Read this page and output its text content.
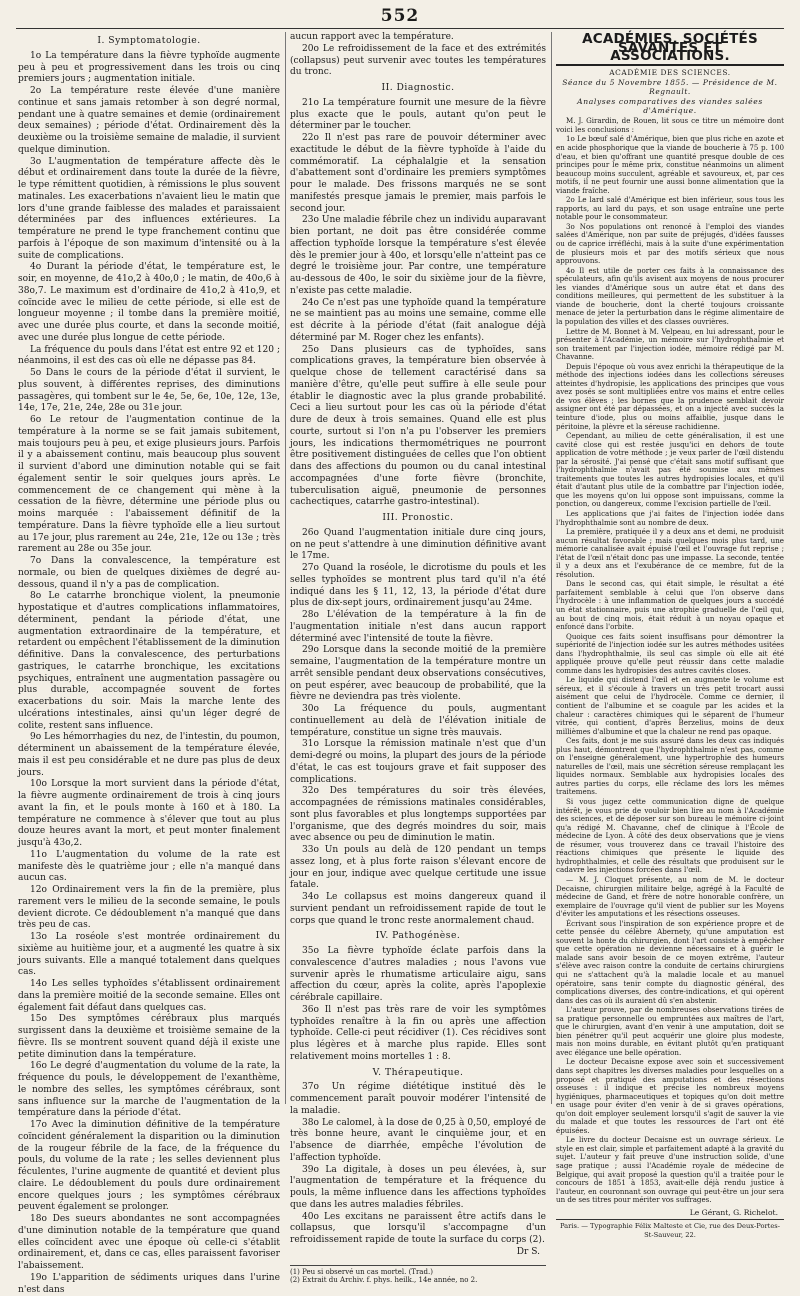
552
I. Symptomatologie.

1o La température dans la fièvre typhoïde augmente peu à peu et progressivement dans les trois ou cinq premiers jours ; augmentation initiale.

2o La température reste élevée d'une manière continue et sans jamais retomber à son degré normal, pendant une à quatre semaines et demie (ordinairement deux semaines) ; période d'état. Ordinairement dès la deuxième ou la troisième semaine de maladie, il survient quelque diminution.

3o L'augmentation de température affecte dès le début et ordinairement dans toute la durée de la fièvre, le type rémittent quotidien, à rémissions le plus souvent matinales. Les exacerbations n'avaient lieu le matin que lors d'une grande faiblesse des malades et paraissaient déterminées par des influences extérieures. La température ne prend le type franchement continu que parfois à l'époque de son maximum d'intensité ou à la suite de complications.

4o Durant la période d'état, le température est, le soir, en moyenne, de 41o,2 à 40o,0 ; le matin, de 40o,6 à 38o,7. Le maximum est d'ordinaire de 41o,2 à 41o,9, et coïncide avec le milieu de cette période, si elle est de longueur moyenne ; il tombe dans la première moitié, avec une durée plus courte, et dans la seconde moitié, avec une durée plus longue de cette période.

La fréquence du pouls dans l'état est entre 92 et 120 ; néanmoins, il est des cas où elle ne dépasse pas 84.

5o Dans le cours de la période d'état il survient, le plus souvent, à différentes reprises, des diminutions passagères, qui tombent sur le 4e, 5e, 6e, 10e, 12e, 13e, 14e, 17e, 21e, 24e, 28e ou 31e jour.

6o Le retour de l'augmentation continue de la température à la norme se se fait jamais subitement, mais toujours peu à peu, et exige plusieurs jours. Parfois il y a abaissement continu, mais beaucoup plus souvent il survient d'abord une diminution notable qui se fait également sentir le soir quelques jours après. Le commencement de ce changement qui mène à la cessation de la fièvre, détermine une période plus ou moins marquée : l'abaissement définitif de la température. Dans la fièvre typhoïde elle a lieu surtout au 17e jour, plus rarement au 24e, 21e, 12e ou 13e ; très rarement au 28e ou 35e jour.

7o Dans la convalescence, la température est normale, ou bien de quelques dixièmes de degré au-dessous, quand il n'y a pas de complication.

8o Le catarrhe bronchique violent, la pneumonie hypostatique et d'autres complications inflammatoires, déterminent, pendant la période d'état, une augmentation extraordinaire de la température, et retardent ou empêchent l'établissement de la diminution définitive. Dans la convalescence, des perturbations gastriques, le catarrhe bronchique, les excitations psychiques, entraînent une augmentation passagère ou plus durable, accompagnée souvent de fortes exacerbations du soir. Mais la marche lente des ulcérations intestinales, ainsi qu'un léger degré de colite, restent sans influence.

9o Les hémorrhagies du nez, de l'intestin, du poumon, déterminent un abaissement de la température élevée, mais il est peu considérable et ne dure pas plus de deux jours.

10o Lorsque la mort survient dans la période d'état, la fièvre augmente ordinairement de trois à cinq jours avant la fin, et le pouls monte à 160 et à 180. La température ne commence à s'élever que tout au plus douze heures avant la mort, et peut monter finalement jusqu'à 43o,2.

11o L'augmentation du volume de la rate est manifeste dès le quatrième jour ; elle n'a manqué dans aucun cas.

12o Ordinairement vers la fin de la première, plus rarement vers le milieu de la seconde semaine, le pouls devient dicrote. Ce dédoublement n'a manqué que dans très peu de cas.

13o La roséole s'est montrée ordinairement du sixième au huitième jour, et a augmenté les quatre à six jours suivants. Elle a manqué totalement dans quelques cas.

14o Les selles typhoïdes s'établissent ordinairement dans la première moitié de la seconde semaine. Elles ont également fait défaut dans quelques cas.

15o Des symptômes cérébraux plus marqués surgissent dans la deuxième et troisième semaine de la fièvre. Ils se montrent souvent quand déjà il existe une petite diminution dans la température.

16o Le degré d'augmentation du volume de la rate, la fréquence du pouls, le développement de l'exanthème, le nombre des selles, les symptômes cérébraux, sont sans influence sur la marche de l'augmentation de la température dans la période d'état.

17o Avec la diminution définitive de la température coïncident généralement la disparition ou la diminution de la rougeur fébrile de la face, de la fréquence du pouls, du volume de la rate ; les selles deviennent plus féculentes, l'urine augmente de quantité et devient plus claire. Le dédoublement du pouls dure ordinairement encore quelques jours ; les symptômes cérébraux peuvent également se prolonger.

18o Des sueurs abondantes ne sont accompagnées d'une diminution notable de la température que quand elles coïncident avec une époque où celle-ci s'établit ordinairement, et, dans ce cas, elles paraissent favoriser l'abaissement.

19o L'apparition de sédiments uriques dans l'urine n'est dans

aucun rapport avec la température.

20o Le refroidissement de la face et des extrémités (collapsus) peut survenir avec toutes les températures du tronc.

II. Diagnostic.

21o La température fournit une mesure de la fièvre plus exacte que le pouls, autant qu'on peut le déterminer par le toucher.

22o Il n'est pas rare de pouvoir déterminer avec exactitude le début de la fièvre typhoïde à l'aide du commémoratif. La céphalalgie et la sensation d'abattement sont d'ordinaire les premiers symptômes pour le malade. Des frissons marqués ne se sont manifestés presque jamais le premier, mais parfois le second jour.

23o Une maladie fébrile chez un individu auparavant bien portant, ne doit pas être considérée comme affection typhoïde lorsque la température s'est élevée dès le premier jour à 40o, et lorsqu'elle n'atteint pas ce degré le troisième jour. Par contre, une température au-dessous de 40o, le soir du sixième jour de la fièvre, n'existe pas cette maladie.

24o Ce n'est pas une typhoïde quand la température ne se maintient pas au moins une semaine, comme elle est décrite à la période d'état (fait analogue déjà déterminé par M. Roger chez les enfants).

25o Dans plusieurs cas de typhoïdes, sans complications graves, la température bien observée à quelque chose de tellement caractérisé dans sa manière d'être, qu'elle peut suffire à elle seule pour établir le diagnostic avec la plus grande probabilité. Ceci a lieu surtout pour les cas où la période d'état dure de deux à trois semaines. Quand elle est plus courte, surtout si l'on n'a pu l'observer les premiers jours, les indications thermométriques ne pourront être positivement distinguées de celles que l'on obtient dans des affections du poumon ou du canal intestinal accompagnées d'une forte fièvre (bronchite, tuberculisation aiguë, pneumonie de personnes cachectiques, catarrhe gastro-intestinal).

III. Pronostic.

26o Quand l'augmentation initiale dure cinq jours, on ne peut s'attendre à une diminution définitive avant le 17me.

27o Quand la roséole, le dicrotisme du pouls et les selles typhoïdes se montrent plus tard qu'il n'a été indiqué dans les § 11, 12, 13, la période d'état dure plus de dix-sept jours, ordinairement jusqu'au 24me.

28o L'élévation de la température à la fin de l'augmentation initiale n'est dans aucun rapport déterminé avec l'intensité de toute la fièvre.

29o Lorsque dans la seconde moitié de la première semaine, l'augmentation de la température montre un arrêt sensible pendant deux observations consécutives, on peut espérer, avec beaucoup de probabilité, que la fièvre ne deviendra pas très violente.

30o La fréquence du pouls, augmentant continuellement au delà de l'élévation initiale de température, constitue un signe très mauvais.

31o Lorsque la rémission matinale n'est que d'un demi-degré ou moins, la plupart des jours de la période d'état, le cas est toujours grave et fait supposer des complications.

32o Des températures du soir très élevées, accompagnées de rémissions matinales considérables, sont plus favorables et plus longtemps supportées par l'organisme, que des degrés moindres du soir, mais avec absence ou peu de diminution le matin.

33o Un pouls au delà de 120 pendant un temps assez long, et à plus forte raison s'élevant encore de jour en jour, indique avec quelque certitude une issue fatale.

34o Le collapsus est moins dangereux quand il survient pendant un refroidissement rapide de tout le corps que quand le tronc reste anormalement chaud.

IV. Pathogénèse.

35o La fièvre typhoïde éclate parfois dans la convalescence d'autres maladies ; nous l'avons vue survenir après le rhumatisme articulaire aigu, sans affection du cœur, après la colite, après l'apoplexie cérébrale capillaire.

36o Il n'est pas très rare de voir les symptômes typhoïdes renaître à la fin ou après une affection typhoïde. Celle-ci peut récidiver (1). Ces récidives sont plus légères et à marche plus rapide. Elles sont relativement moins mortelles 1 : 8.

V. Thérapeutique.

37o Un régime diététique institué dès le commencement paraît pouvoir modérer l'intensité de la maladie.

38o Le calomel, à la dose de 0,25 à 0,50, employé de très bonne heure, avant le cinquième jour, et en l'absence de diarrhée, empêche l'évolution de l'affection typhoïde.

39o La digitale, à doses un peu élevées, à, sur l'augmentation de température et la fréquence du pouls, la même influence dans les affections typhoïdes que dans les autres maladies fébriles.

40o Les excitans ne paraissent être actifs dans le collapsus, que lorsqu'il s'accompagne d'un refroidissement rapide de toute la surface du corps (2).

Dr S.

(1) Peu si observé un cas mortel. (Trad.)

(2) Extrait du Archiv. f. phys. heilk., 14e année, no 2.

ACADÉMIES, SOCIÉTÉS SAVANTES ET ASSOCIATIONS.
ACADÉMIE DES SCIENCES.
Séance du 5 Novembre 1855. — Présidence de M. Regnault.
Analyses comparatives des viandes salées d'Amérique.

M. J. Girardin, de Rouen, lit sous ce titre un mémoire dont voici les conclusions :

1o Le bœuf salé d'Amérique, bien que plus riche en azote et en acide phosphorique que la viande de boucherie à 75 p. 100 d'eau, et bien qu'offrant une quantité presque double de ces principes pour le même prix, constitue néanmoins un aliment beaucoup moins succulent, agréable et savoureux, et, par ces motifs, il ne peut fournir une aussi bonne alimentation que la viande fraîche.

2o Le lard salé d'Amérique est bien inférieur, sous tous les rapports, au lard du pays, et son usage entraîne une perte notable pour le consommateur.

3o Nos populations ont renoncé à l'emploi des viandes salées d'Amérique, non par suite de préjugés, d'idées fausses ou de caprice irréfléchi, mais à la suite d'une expérimentation de plusieurs mois et par des motifs sérieux que nous approuvons.

4o Il est utile de porter ces faits à la connaissance des spéculateurs, afin qu'ils avisent aux moyens de nous procurer les viandes d'Amérique sous un autre état et dans des conditions meilleures, qui permettent de les substituer à la viande de boucherie, dont la cherté toujours croissante menace de jeter la perturbation dans le régime alimentaire de la population des villes et des classes ouvrières.

Lettre de M. Bonnet à M. Velpeau, en lui adressant, pour le présenter à l'Académie, un mémoire sur l'hydrophthalmie et son traitement par l'injection iodée, mémoire rédigé par M. Chavanne.

Depuis l'époque où vous avez enrichi la thérapeutique de la méthode des injections iodées dans les collections séreuses atteintes d'hydropisie, les applications des principes que vous avez posés se sont multipliées entre vos mains et entre celles de vos élèves ; les bornes que la prudence semblait devoir assigner ont été par dépassées, et on a injecté avec succès la teinture d'iode, plus ou moins affaiblie, jusque dans le péritoine, la plèvre et la séreuse rachidienne.

Cependant, au milieu de cette généralisation, il est une cavité close qui est restée jusqu'ici en dehors de toute application de votre méthode ; je veux parler de l'œil distendu par la sérosité. J'ai pensé que c'était sans motif suffisant que l'hydrophthalmie n'avait pas été soumise aux mêmes traitements que toutes les autres hydropisies locales, et qu'il était d'autant plus utile de la combattre par l'injection iodée, que les moyens qu'on lui oppose sont impuissans, comme la ponction, ou dangereux, comme l'excision partielle de l'œil.

Les applications que j'ai faites de l'injection iodée dans l'hydrophthalmie sont au nombre de deux.

La première, pratiquée il y a deux ans et demi, ne produisit aucun résultat favorable ; mais quelques mois plus tard, une mémorie canalisée avait épuisé l'œil et l'ouvrage fut reprise ; l'état de l'œil n'était donc pas une impasse. La seconde, tentée il y a deux ans et l'exubérance de ce membre, fut de la résolution.

Dans le second cas, qui était simple, le résultat a été parfaitement semblable à celui que l'on observe dans l'hydrocèle : à une inflammation de quelques jours a succédé un état stationnaire, puis une atrophie graduelle de l'œil qui, au bout de cinq mois, était réduit à un noyau opaque et enfoncé dans l'orbite.

Quoique ces faits soient insuffisans pour démontrer la supériorité de l'injection iodée sur les autres méthodes usitées dans l'hydrophthalmie, ils seul cas simple où elle ait été appliquée prouve qu'elle peut réussir dans cette maladie comme dans les hydropisies des autres cavités closes.

Le liquide qui distend l'œil et en augmente le volume est séreux, et il s'écoule à travers un très petit trocart aussi aisément que celui de l'hydrocèle. Comme ce dernier, il contient de l'albumine et se coagule par les acides et la chaleur : caractères chimiques qui le séparent de l'humeur vitrée, qui contient, d'après Berzelius, moins de deux millièmes d'albumine et que la chaleur ne rend pas opaque.

Ces faits, dont je me suis assuré dans les deux cas indiqués plus haut, démontrent que l'hydrophthalmie n'est pas, comme on l'enseigne généralement, une hypertrophie des humeurs naturelles de l'œil, mais une sécrétion séreuse remplaçant les liquides normaux. Semblable aux hydropisies locales des autres parties du corps, elle réclame des lors les mêmes traitemens.

Si vous jugez cette communication digne de quelque intérêt, je vous prie de vouloir bien lire au nom à l'Académie des sciences, et de déposer sur son bureau le mémoire ci-joint qu'a rédigé M. Chavanne, chef de clinique à l'École de médecine de Lyon. À côté des deux observations que je viens de résumer, vous trouverez dans ce travail l'histoire des réactions chimiques que présente le liquide des hydrophthalmies, et celle des résultats que produisent sur le cadavre les injections forcées dans l'œil.

— M. J. Cloquet présente, au nom de M. le docteur Decaisne, chirurgien militaire belge, agrégé à la Faculté de médecine de Gand, et frère de notre honorable confrère, un exemplaire de l'ouvrage qu'il vient de publier sur les Moyens d'éviter les amputations et les résections osseuses.

Écrivant sous l'inspiration de son expérience propre et de cette pensée du célèbre Abernety, qu'une amputation est souvent la honte du chirurgien, dont l'art consiste à empêcher que cette opération ne devienne nécessaire et à guérir le malade sans avoir besoin de ce moyen extrême, l'auteur s'élève avec raison contre la conduite de certains chirurgiens qui ne s'attachent qu'à la maladie locale et au manuel opératoire, sans tenir compte du diagnostic général, des complications diverses, des contre-indications, et qui opèrent dans des cas où ils auraient dû s'en abstenir.

L'auteur prouve, par de nombreuses observations tirées de sa pratique personnelle ou empruntées aux maîtres de l'art, que le chirurgien, avant d'en venir à une amputation, doit se bien pénétrer qu'il peut acquérir une gloire plus modeste, mais non moins durable, en évitant plutôt qu'en pratiquant avec élégance une belle opération.

Le docteur Decaisne expose avec soin et successivement dans sept chapitres les diverses maladies pour lesquelles on a proposé et pratiqué des amputations et des résections osseuses : il indique et précise les nombreux moyens hygiéniques, pharmaceutiques et topiques qu'on doit mettre en usage pour éviter d'en venir à de si graves opérations, qu'on doit employer seulement lorsqu'il s'agit de sauver la vie du malade et que toutes les ressources de l'art ont été épuisées.

Le livre du docteur Decaisne est un ouvrage sérieux. Le style en est clair, simple et parfaitement adapté à la gravité du sujet. L'auteur y fait preuve d'une instruction solide, d'une sage pratique ; aussi l'Académie royale de médecine de Belgique, qui avait proposé la question qu'il a traitée pour le concours de 1851 à 1853, avait-elle déjà rendu justice à l'auteur, en couronnant son ouvrage qui peut-être un jour sera un de ses titres pour mériter vos suffrages.

Le Gérant, G. Richelot.
Paris. — Typographie Félix Malteste et Cie, rue des Deux-Portes-St-Sauveur, 22.
